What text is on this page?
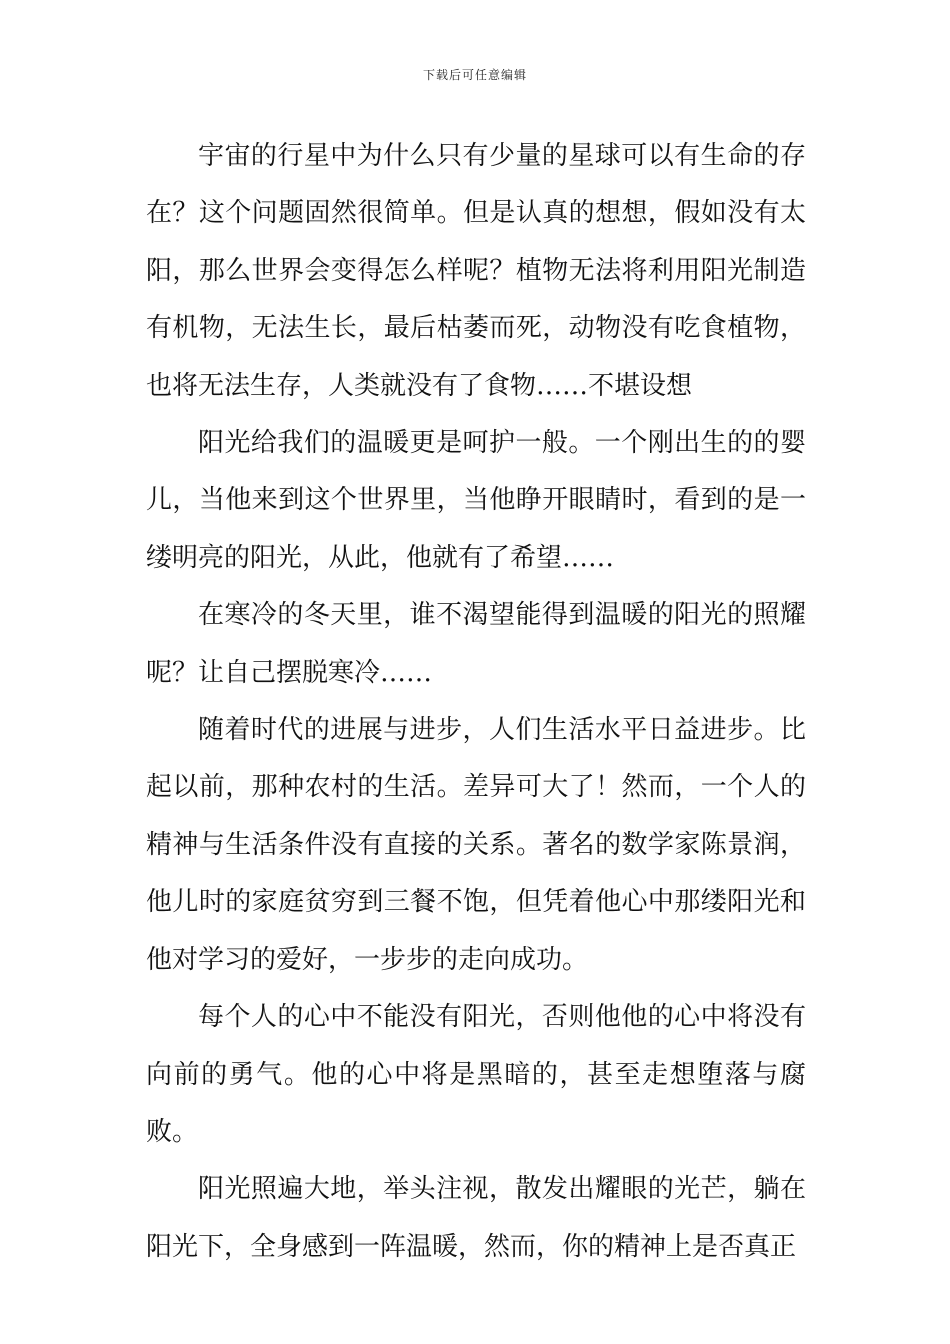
下载后可任意编辑

宇宙的行星中为什么只有少量的星球可以有生命的存在？这个问题固然很简单。但是认真的想想，假如没有太阳，那么世界会变得怎么样呢？植物无法将利用阳光制造有机物，无法生长，最后枯萎而死，动物没有吃食植物，也将无法生存，人类就没有了食物……不堪设想

阳光给我们的温暖更是呵护一般。一个刚出生的的婴儿，当他来到这个世界里，当他睁开眼睛时，看到的是一缕明亮的阳光，从此，他就有了希望……

在寒冷的冬天里，谁不渴望能得到温暖的阳光的照耀呢？让自己摆脱寒冷……

随着时代的进展与进步，人们生活水平日益进步。比起以前，那种农村的生活。差异可大了！然而，一个人的精神与生活条件没有直接的关系。著名的数学家陈景润，他儿时的家庭贫穷到三餐不饱，但凭着他心中那缕阳光和他对学习的爱好，一步步的走向成功。

每个人的心中不能没有阳光，否则他他的心中将没有向前的勇气。他的心中将是黑暗的，甚至走想堕落与腐败。

阳光照遍大地，举头注视，散发出耀眼的光芒，躺在阳光下，全身感到一阵温暖，然而，你的精神上是否真正
